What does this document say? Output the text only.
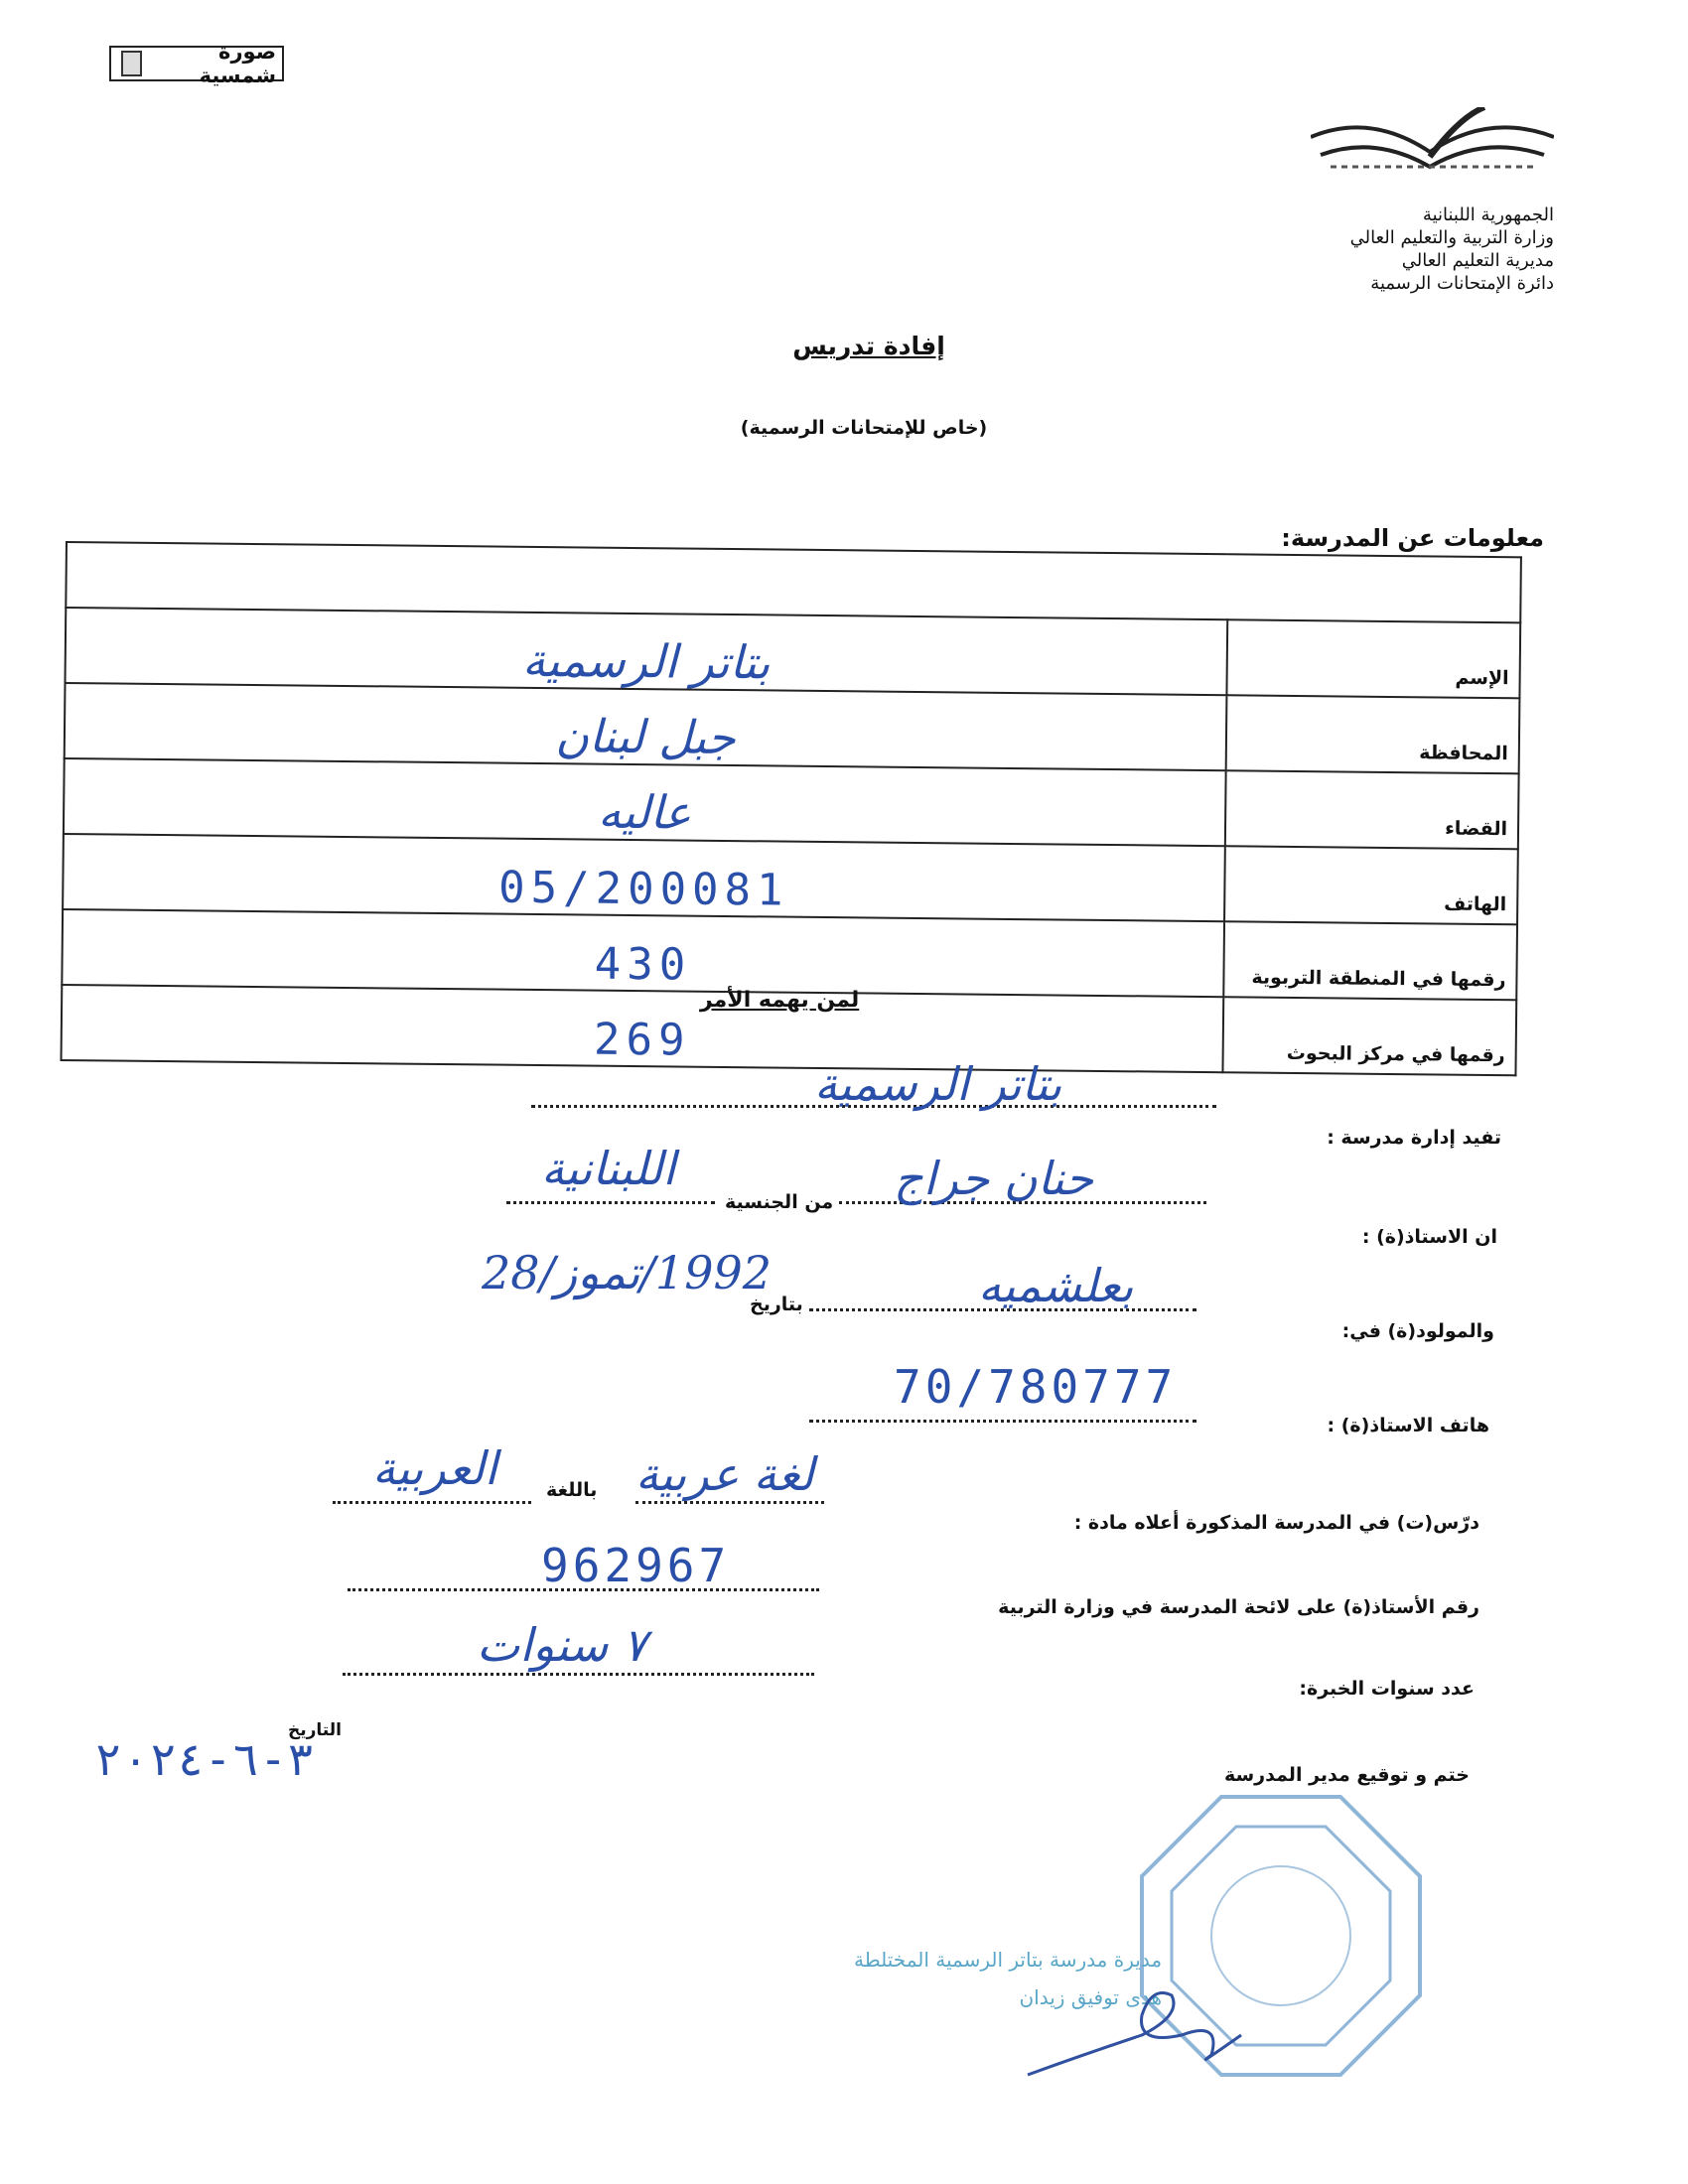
صورة شمسية
الجمهورية اللبنانية
وزارة التربية والتعليم العالي
مديرية التعليم العالي
دائرة الإمتحانات الرسمية
إفادة تدريس
(خاص للإمتحانات الرسمية)
معلومات عن المدرسة:

بتاتر الرسمية	الإسم
جبل لبنان	المحافظة
عاليه	القضاء
05/200081	الهاتف
430	رقمها في المنطقة التربوية
269	رقمها في مركز البحوث
لمن يهمه الأمر
تفيد إدارة مدرسة :
بتاتر الرسمية
ان الاستاذ(ة) :
حنان جراج
من الجنسية
اللبنانية
والمولود(ة) في:
بعلشميه
بتاريخ
1992/تموز/28
هاتف الاستاذ(ة) :
70/780777
درّس(ت) في المدرسة المذكورة أعلاه مادة :
لغة عربية
باللغة
العربية
رقم الأستاذ(ة) على لائحة المدرسة في وزارة التربية
962967
عدد سنوات الخبرة:
٧ سنوات
التاريخ
٣-٦-٢٠٢٤	ختم و توقيع مدير المدرسة
مديرة مدرسة بتاتر الرسمية المختلطة
هدى توفيق زيدان
